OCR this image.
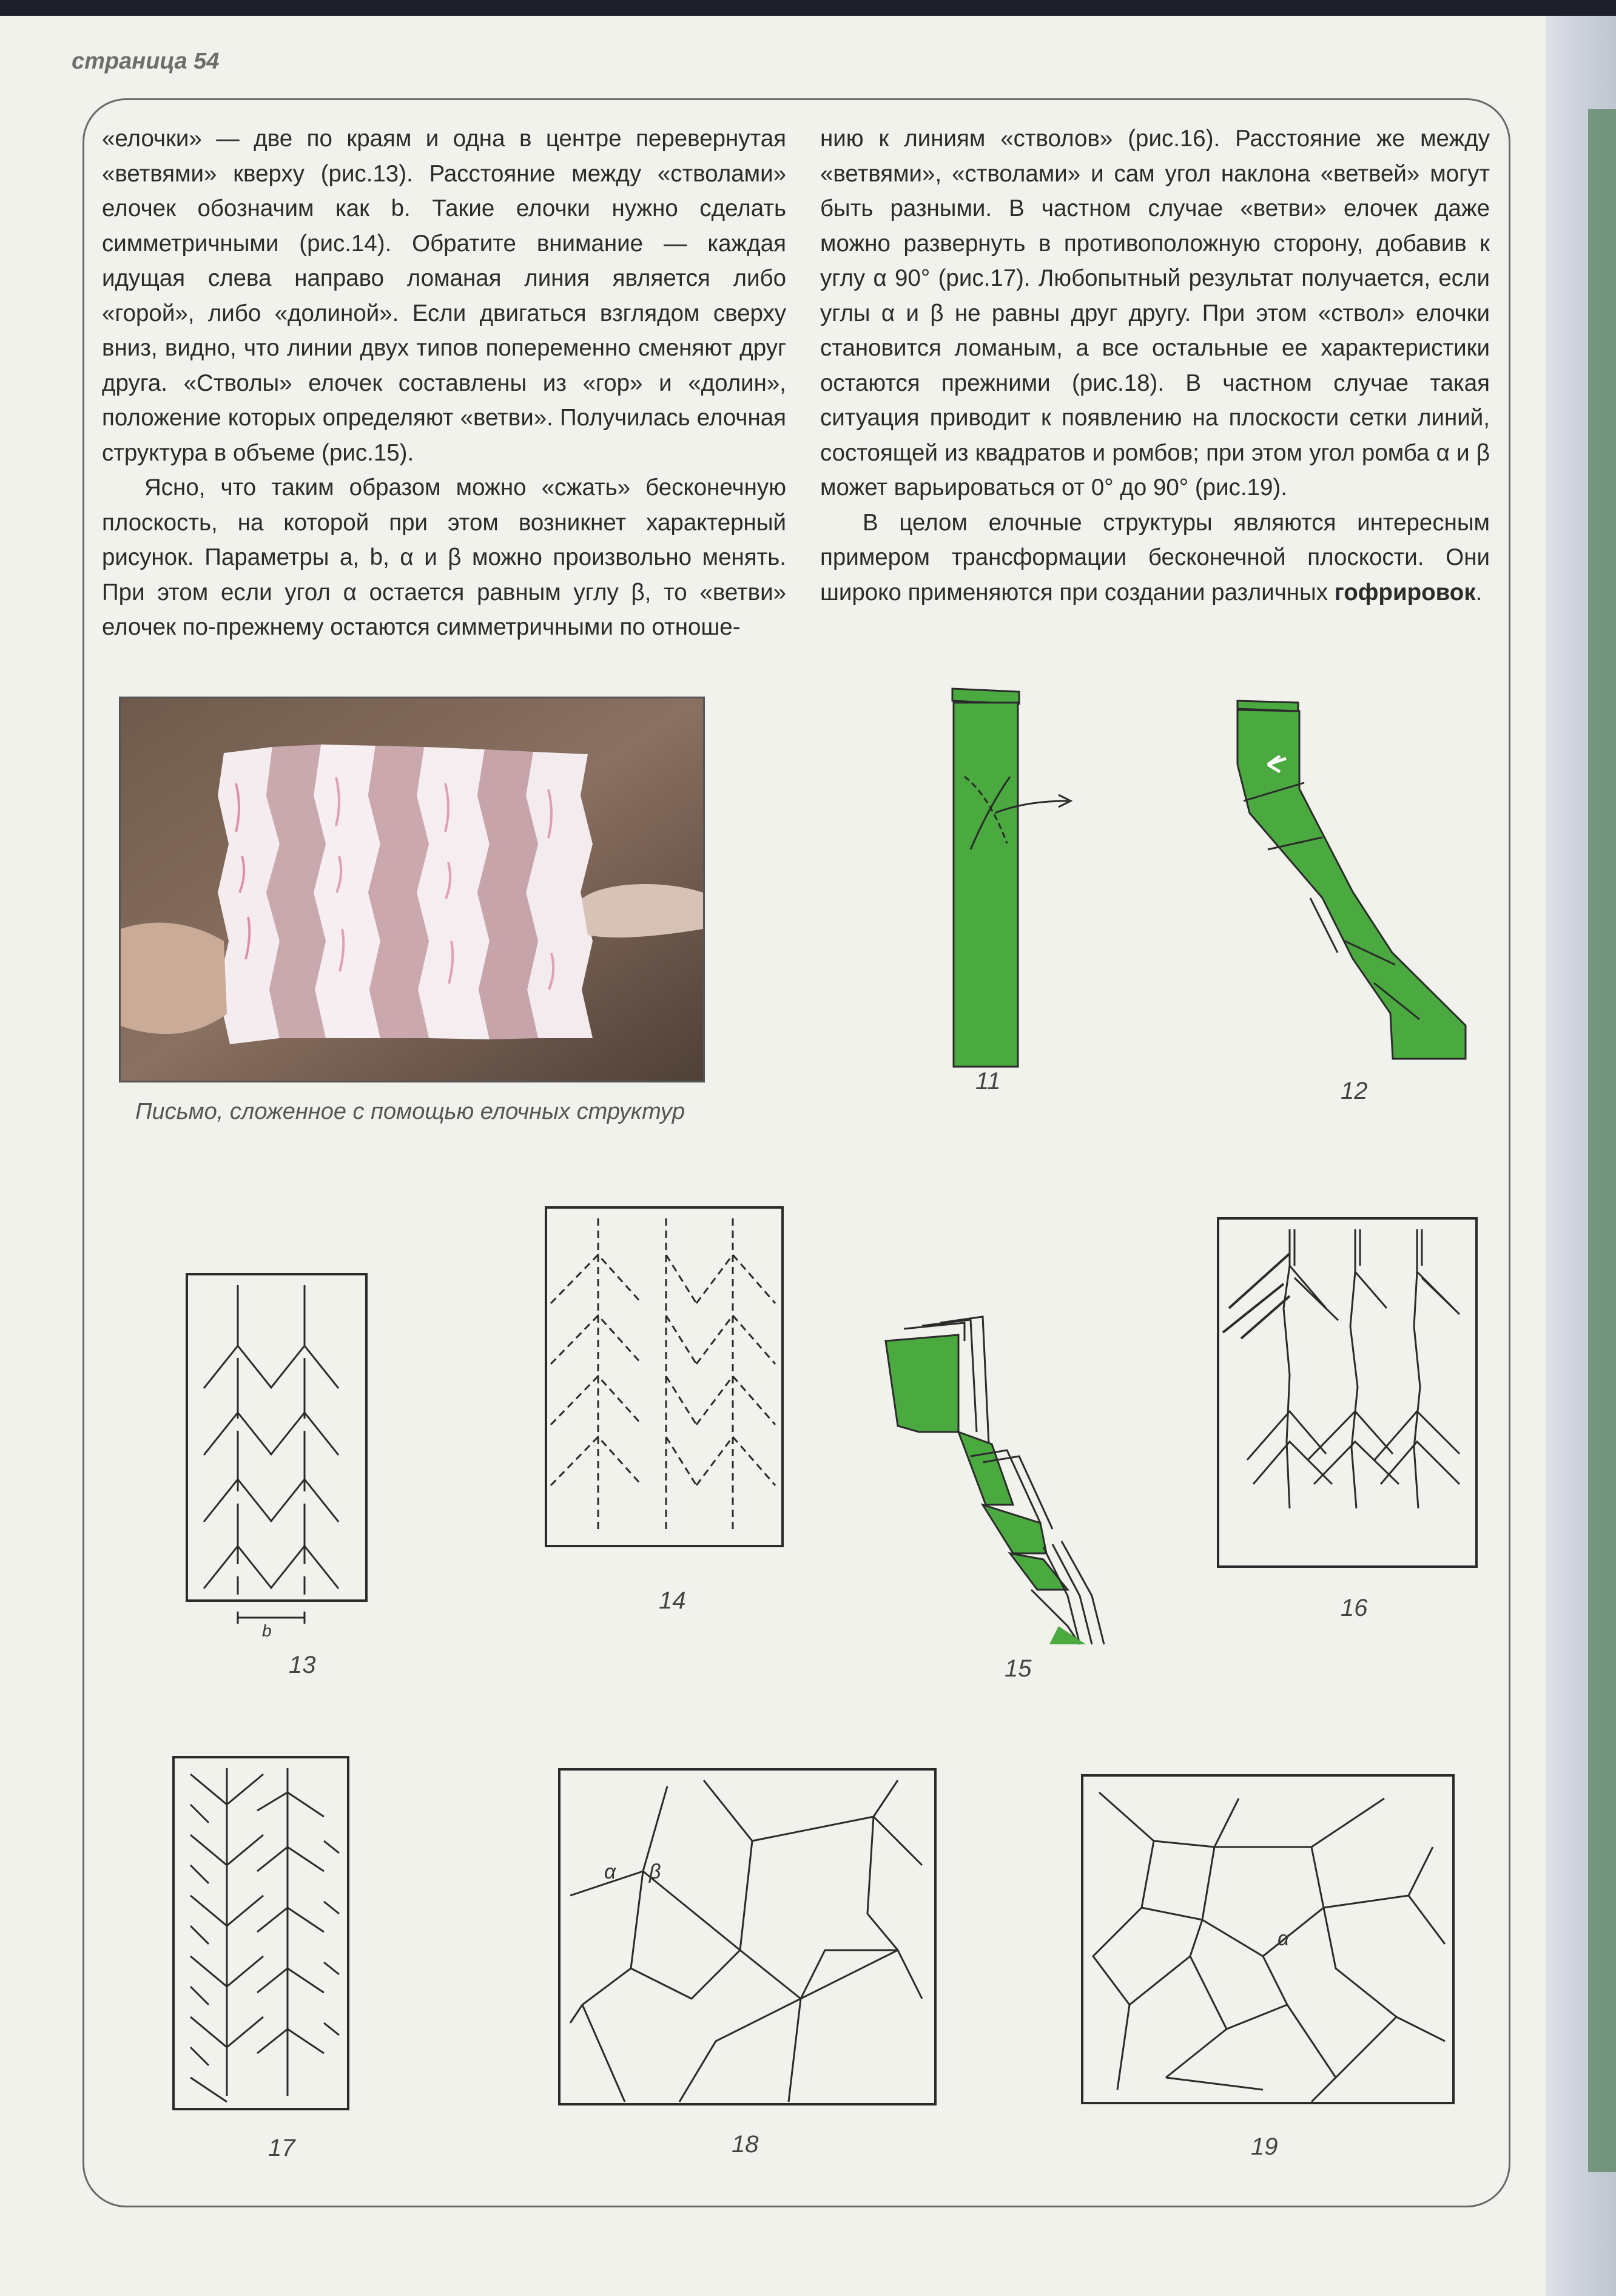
страница 54

«елочки» — две по краям и одна в центре перевернутая «ветвями» кверху (рис.13). Расстояние между «стволами» елочек обозначим как b. Такие елочки нужно сделать симметричными (рис.14). Обратите внимание — каждая идущая слева направо ломаная линия является либо «горой», либо «долиной». Если двигаться взглядом сверху вниз, видно, что линии двух типов попеременно сменяют друг друга. «Стволы» елочек составлены из «гор» и «долин», положение которых определяют «ветви». Получилась елочная структура в объеме (рис.15).

Ясно, что таким образом можно «сжать» бесконечную плоскость, на которой при этом возникнет характерный рисунок. Параметры a, b, α и β можно произвольно менять. При этом если угол α остается равным углу β, то «ветви» елочек по-прежнему остаются симметричными по отноше-

нию к линиям «стволов» (рис.16). Расстояние же между «ветвями», «стволами» и сам угол наклона «ветвей» могут быть разными. В частном случае «ветви» елочек даже можно развернуть в противоположную сторону, добавив к углу α 90° (рис.17). Любопытный результат получается, если углы α и β не равны друг другу. При этом «ствол» елочки становится ломаным, а все остальные ее характеристики остаются прежними (рис.18). В частном случае такая ситуация приводит к появлению на плоскости сетки линий, состоящей из квадратов и ромбов; при этом угол ромба α и β может варьироваться от 0° до 90° (рис.19).

В целом елочные структуры являются интересным примером трансформации бесконечной плоскости. Они широко применяются при создании различных гофрировок.

Письмо, сложенное с помощью елочных структур
11	12
b
13
14
15
16
17
α β
18
α
19
